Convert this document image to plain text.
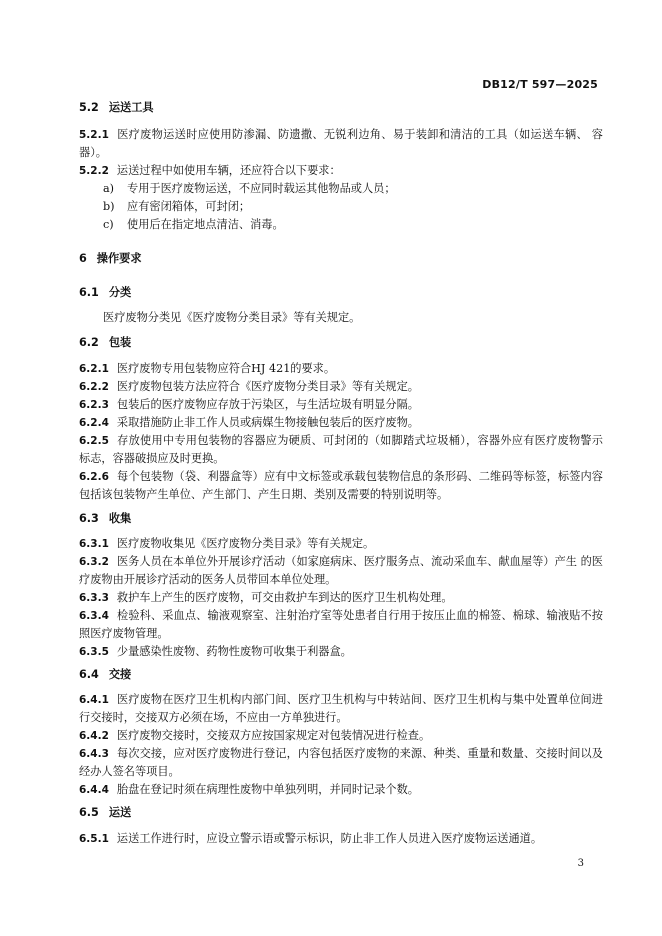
DB12/T 597—2025
5.2 运送工具
5.2.1 医疗废物运送时应使用防渗漏、防遗撒、无锐利边角、易于装卸和清洁的工具（如运送车辆、 容器）。
5.2.2 运送过程中如使用车辆，还应符合以下要求：
a) 专用于医疗废物运送，不应同时载运其他物品或人员；
b) 应有密闭箱体，可封闭；
c) 使用后在指定地点清洁、消毒。
6 操作要求
6.1 分类
医疗废物分类见《医疗废物分类目录》等有关规定。
6.2 包装
6.2.1 医疗废物专用包装物应符合HJ 421的要求。
6.2.2 医疗废物包装方法应符合《医疗废物分类目录》等有关规定。
6.2.3 包装后的医疗废物应存放于污染区，与生活垃圾有明显分隔。
6.2.4 采取措施防止非工作人员或病媒生物接触包装后的医疗废物。
6.2.5 存放使用中专用包装物的容器应为硬质、可封闭的（如脚踏式垃圾桶），容器外应有医疗废物警示标志，容器破损应及时更换。
6.2.6 每个包装物（袋、利器盒等）应有中文标签或承载包装物信息的条形码、二维码等标签，标签内容包括该包装物产生单位、产生部门、产生日期、类别及需要的特别说明等。
6.3 收集
6.3.1 医疗废物收集见《医疗废物分类目录》等有关规定。
6.3.2 医务人员在本单位外开展诊疗活动（如家庭病床、医疗服务点、流动采血车、献血屋等）产生 的医疗废物由开展诊疗活动的医务人员带回本单位处理。
6.3.3 救护车上产生的医疗废物，可交由救护车到达的医疗卫生机构处理。
6.3.4 检验科、采血点、输液观察室、注射治疗室等处患者自行用于按压止血的棉签、棉球、输液贴不按照医疗废物管理。
6.3.5 少量感染性废物、药物性废物可收集于利器盒。
6.4 交接
6.4.1 医疗废物在医疗卫生机构内部门间、医疗卫生机构与中转站间、医疗卫生机构与集中处置单位间进行交接时，交接双方必须在场，不应由一方单独进行。
6.4.2 医疗废物交接时，交接双方应按国家规定对包装情况进行检查。
6.4.3 每次交接，应对医疗废物进行登记，内容包括医疗废物的来源、种类、重量和数量、交接时间以及经办人签名等项目。
6.4.4 胎盘在登记时须在病理性废物中单独列明，并同时记录个数。
6.5 运送
6.5.1 运送工作进行时，应设立警示语或警示标识，防止非工作人员进入医疗废物运送通道。
3
